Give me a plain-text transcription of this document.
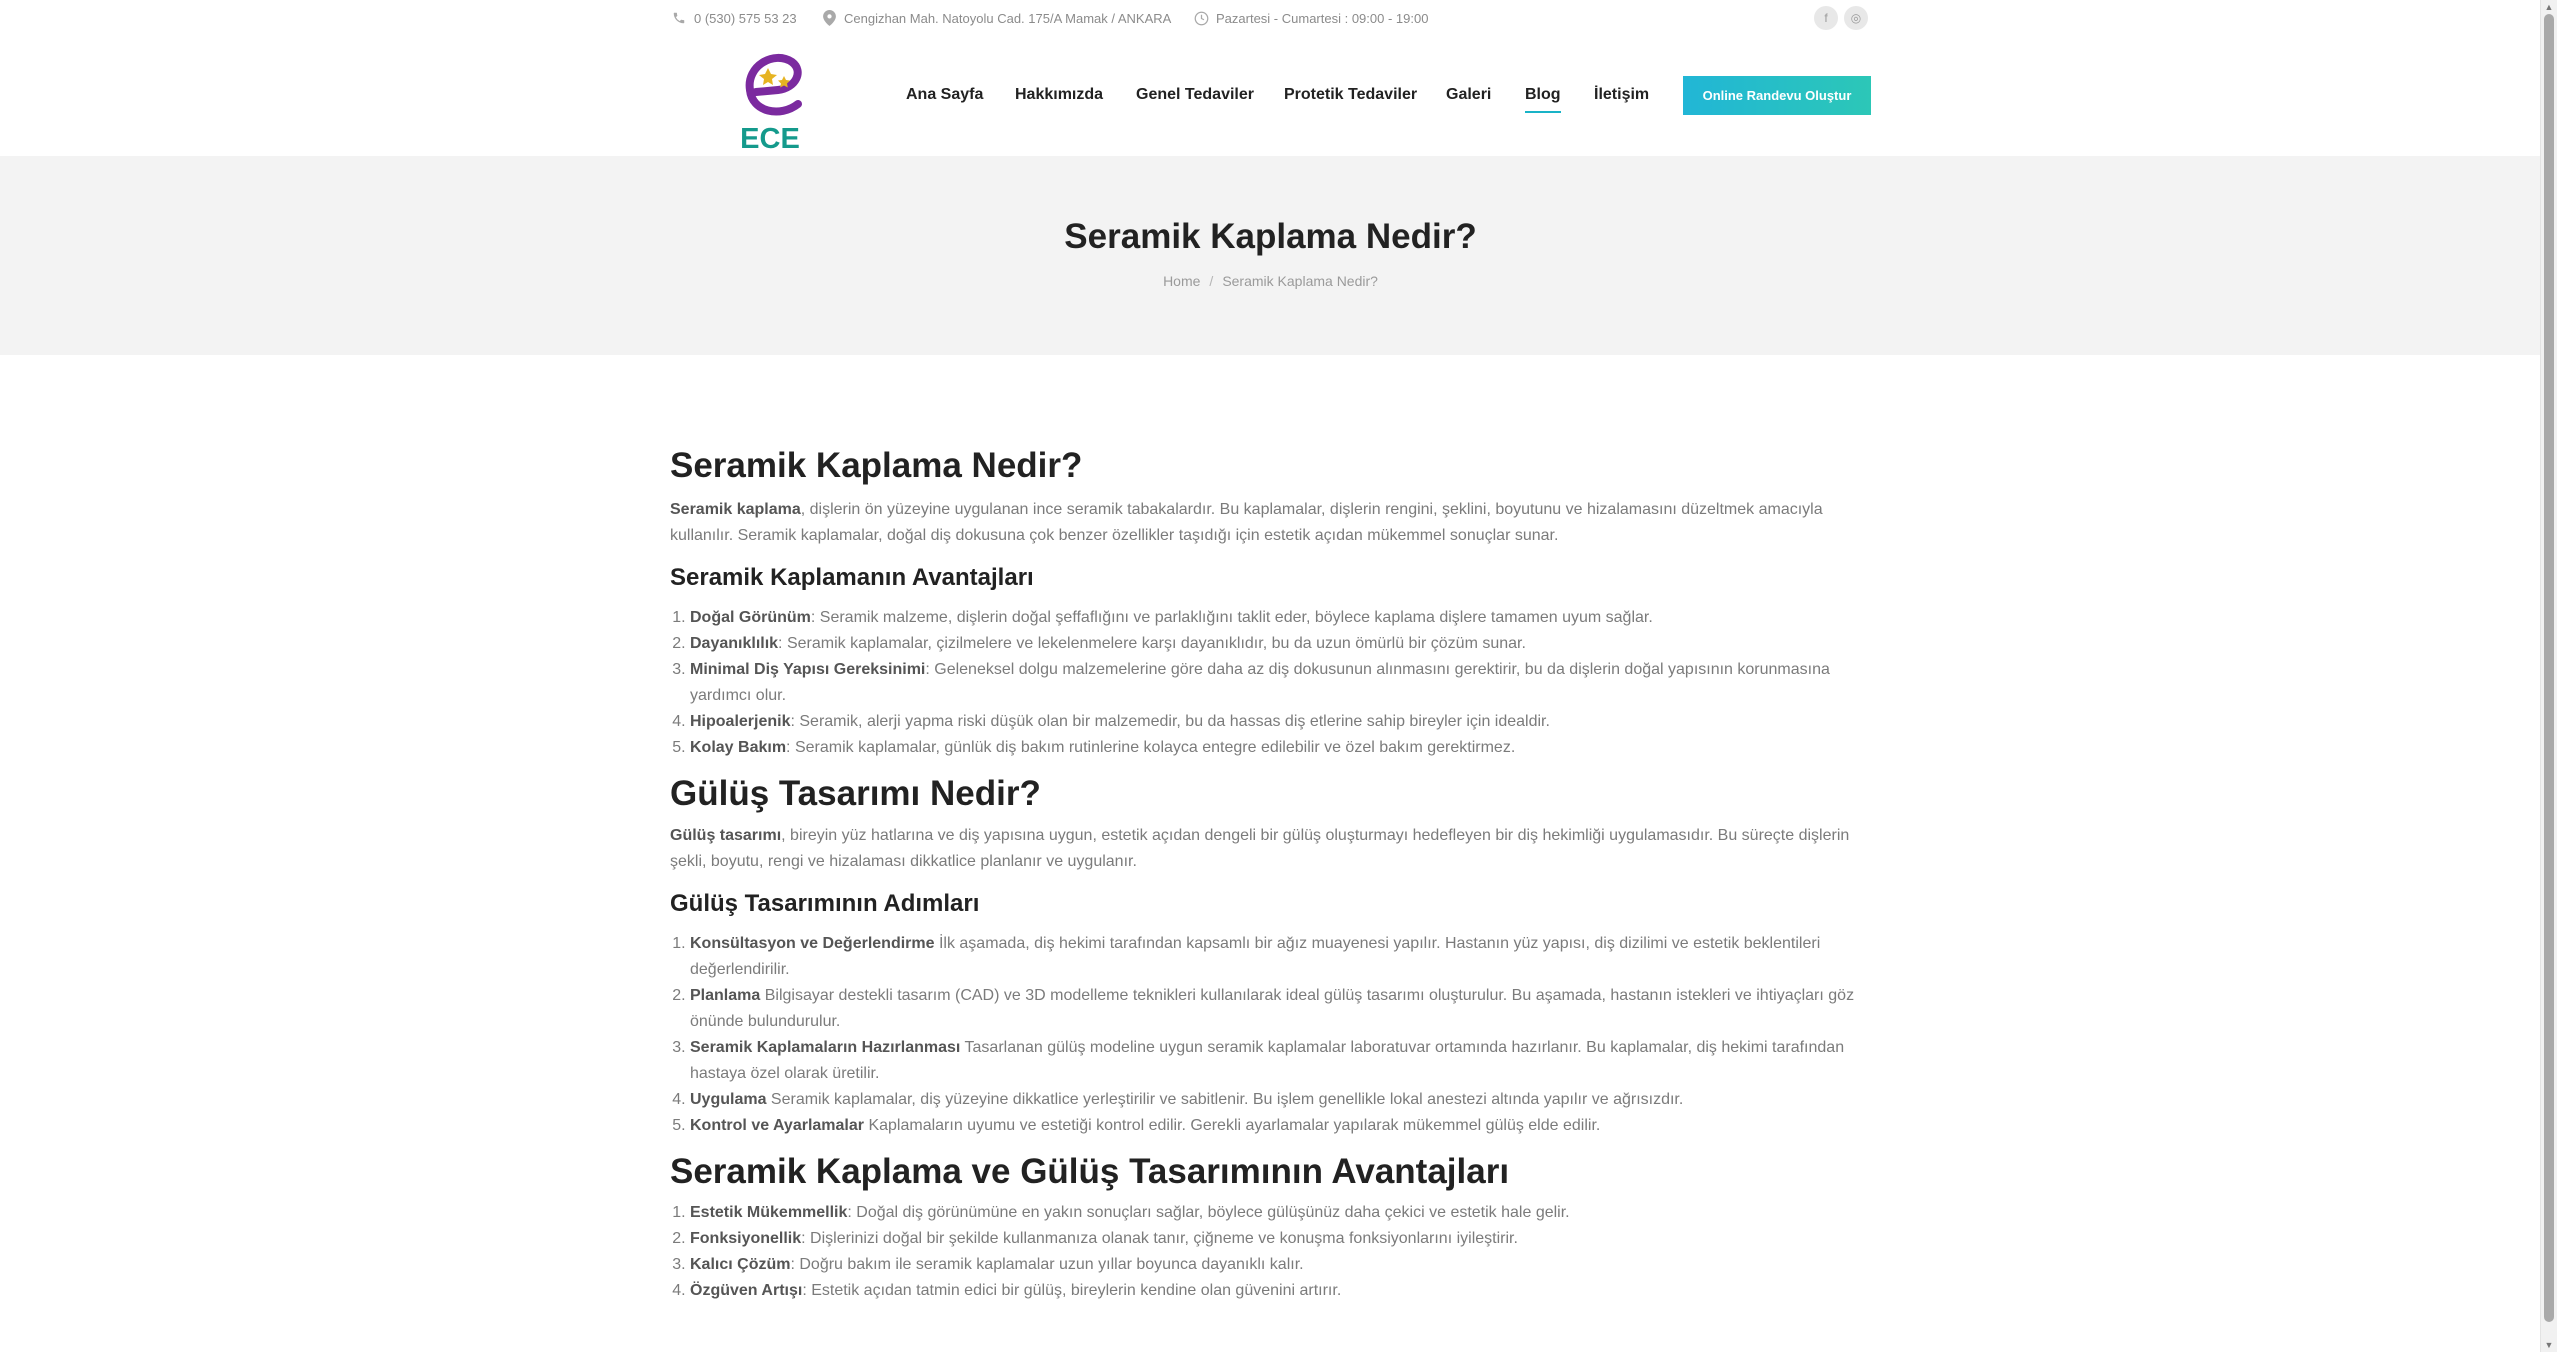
0 (530) 575 53 23	Cengizhan Mah. Natoyolu Cad. 175/A Mamak / ANKARA	Pazartesi - Cumartesi : 09:00 - 19:00	f	◎
ECE
Ana Sayfa Hakkımızda Genel Tedaviler Protetik Tedaviler Galeri Blog İletişim	Online Randevu Oluştur
Seramik Kaplama Nedir?
Home / Seramik Kaplama Nedir?
Seramik Kaplama Nedir?

Seramik kaplama, dişlerin ön yüzeyine uygulanan ince seramik tabakalardır. Bu kaplamalar, dişlerin rengini, şeklini, boyutunu ve hizalamasını düzeltmek amacıyla kullanılır. Seramik kaplamalar, doğal diş dokusuna çok benzer özellikler taşıdığı için estetik açıdan mükemmel sonuçlar sunar.

Seramik Kaplamanın Avantajları
1. Doğal Görünüm: Seramik malzeme, dişlerin doğal şeffaflığını ve parlaklığını taklit eder, böylece kaplama dişlere tamamen uyum sağlar.
2. Dayanıklılık: Seramik kaplamalar, çizilmelere ve lekelenmelere karşı dayanıklıdır, bu da uzun ömürlü bir çözüm sunar.
3. Minimal Diş Yapısı Gereksinimi: Geleneksel dolgu malzemelerine göre daha az diş dokusunun alınmasını gerektirir, bu da dişlerin doğal yapısının korunmasına yardımcı olur.
4. Hipoalerjenik: Seramik, alerji yapma riski düşük olan bir malzemedir, bu da hassas diş etlerine sahip bireyler için idealdir.
5. Kolay Bakım: Seramik kaplamalar, günlük diş bakım rutinlerine kolayca entegre edilebilir ve özel bakım gerektirmez.
Gülüş Tasarımı Nedir?

Gülüş tasarımı, bireyin yüz hatlarına ve diş yapısına uygun, estetik açıdan dengeli bir gülüş oluşturmayı hedefleyen bir diş hekimliği uygulamasıdır. Bu süreçte dişlerin şekli, boyutu, rengi ve hizalaması dikkatlice planlanır ve uygulanır.

Gülüş Tasarımının Adımları
1. Konsültasyon ve Değerlendirme İlk aşamada, diş hekimi tarafından kapsamlı bir ağız muayenesi yapılır. Hastanın yüz yapısı, diş dizilimi ve estetik beklentileri değerlendirilir.
2. Planlama Bilgisayar destekli tasarım (CAD) ve 3D modelleme teknikleri kullanılarak ideal gülüş tasarımı oluşturulur. Bu aşamada, hastanın istekleri ve ihtiyaçları göz önünde bulundurulur.
3. Seramik Kaplamaların Hazırlanması Tasarlanan gülüş modeline uygun seramik kaplamalar laboratuvar ortamında hazırlanır. Bu kaplamalar, diş hekimi tarafından hastaya özel olarak üretilir.
4. Uygulama Seramik kaplamalar, diş yüzeyine dikkatlice yerleştirilir ve sabitlenir. Bu işlem genellikle lokal anestezi altında yapılır ve ağrısızdır.
5. Kontrol ve Ayarlamalar Kaplamaların uyumu ve estetiği kontrol edilir. Gerekli ayarlamalar yapılarak mükemmel gülüş elde edilir.
Seramik Kaplama ve Gülüş Tasarımının Avantajları
1. Estetik Mükemmellik: Doğal diş görünümüne en yakın sonuçları sağlar, böylece gülüşünüz daha çekici ve estetik hale gelir.
2. Fonksiyonellik: Dişlerinizi doğal bir şekilde kullanmanıza olanak tanır, çiğneme ve konuşma fonksiyonlarını iyileştirir.
3. Kalıcı Çözüm: Doğru bakım ile seramik kaplamalar uzun yıllar boyunca dayanıklı kalır.
4. Özgüven Artışı: Estetik açıdan tatmin edici bir gülüş, bireylerin kendine olan güvenini artırır.
▲
▼
